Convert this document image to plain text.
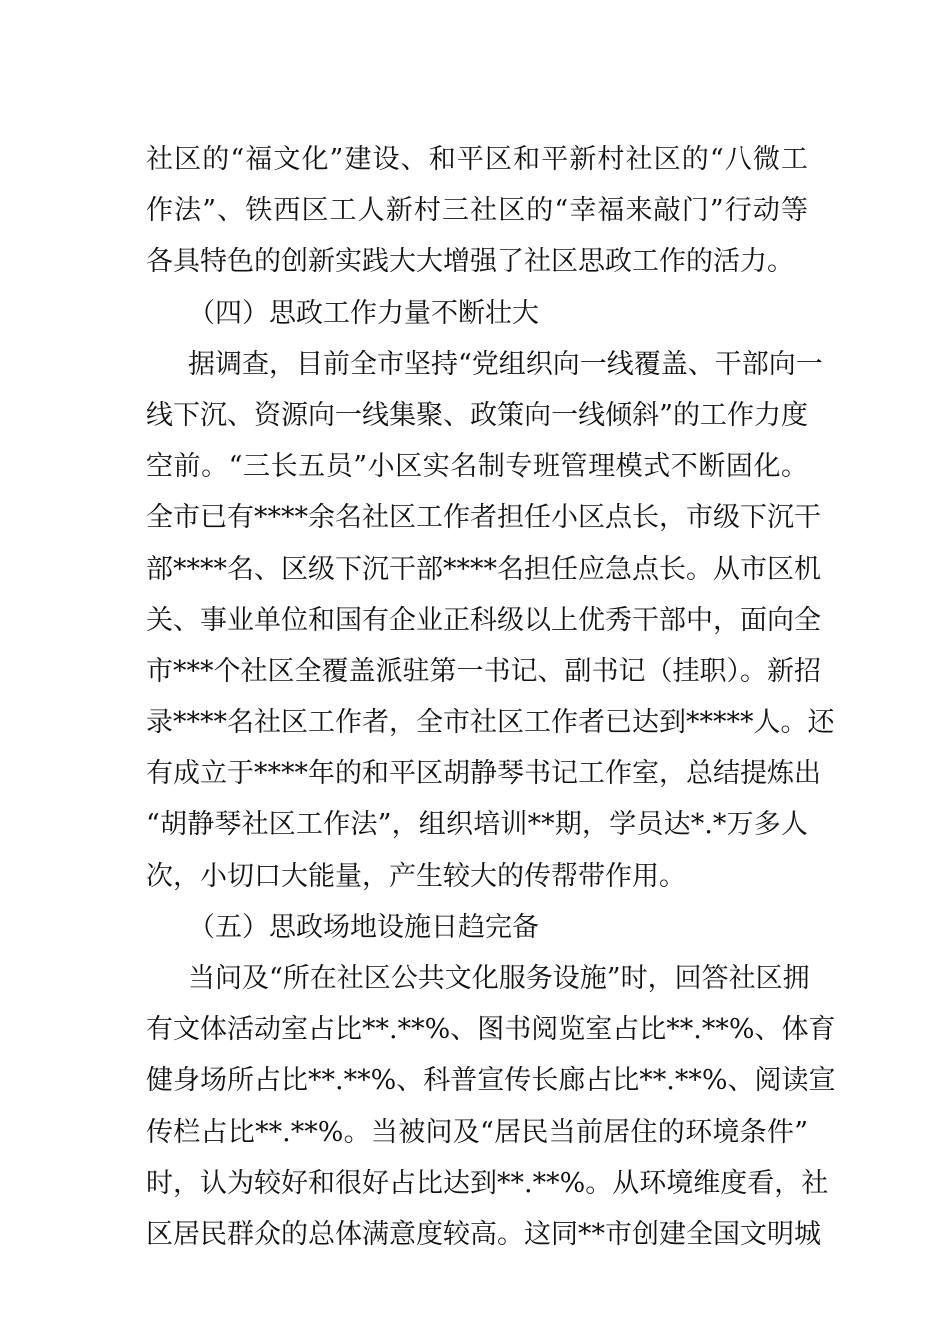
社区的“福文化”建设、和平区和平新村社区的“八微工
作法”、铁西区工人新村三社区的“幸福来敲门”行动等
各具特色的创新实践大大增强了社区思政工作的活力。
（四）思政工作力量不断壮大
据调查，目前全市坚持“党组织向一线覆盖、干部向一
线下沉、资源向一线集聚、政策向一线倾斜”的工作力度
空前。“三长五员”小区实名制专班管理模式不断固化。
全市已有****余名社区工作者担任小区点长，市级下沉干
部****名、区级下沉干部****名担任应急点长。从市区机
关、事业单位和国有企业正科级以上优秀干部中，面向全
市***个社区全覆盖派驻第一书记、副书记（挂职）。新招
录****名社区工作者，全市社区工作者已达到*****人。还
有成立于****年的和平区胡静琴书记工作室，总结提炼出
“胡静琴社区工作法”，组织培训**期，学员达*.*万多人
次，小切口大能量，产生较大的传帮带作用。
（五）思政场地设施日趋完备
当问及“所在社区公共文化服务设施”时，回答社区拥
有文体活动室占比**.**%、图书阅览室占比**.**%、体育
健身场所占比**.**%、科普宣传长廊占比**.**%、阅读宣
传栏占比**.**%。当被问及“居民当前居住的环境条件”
时，认为较好和很好占比达到**.**%。从环境维度看，社
区居民群众的总体满意度较高。这同**市创建全国文明城
